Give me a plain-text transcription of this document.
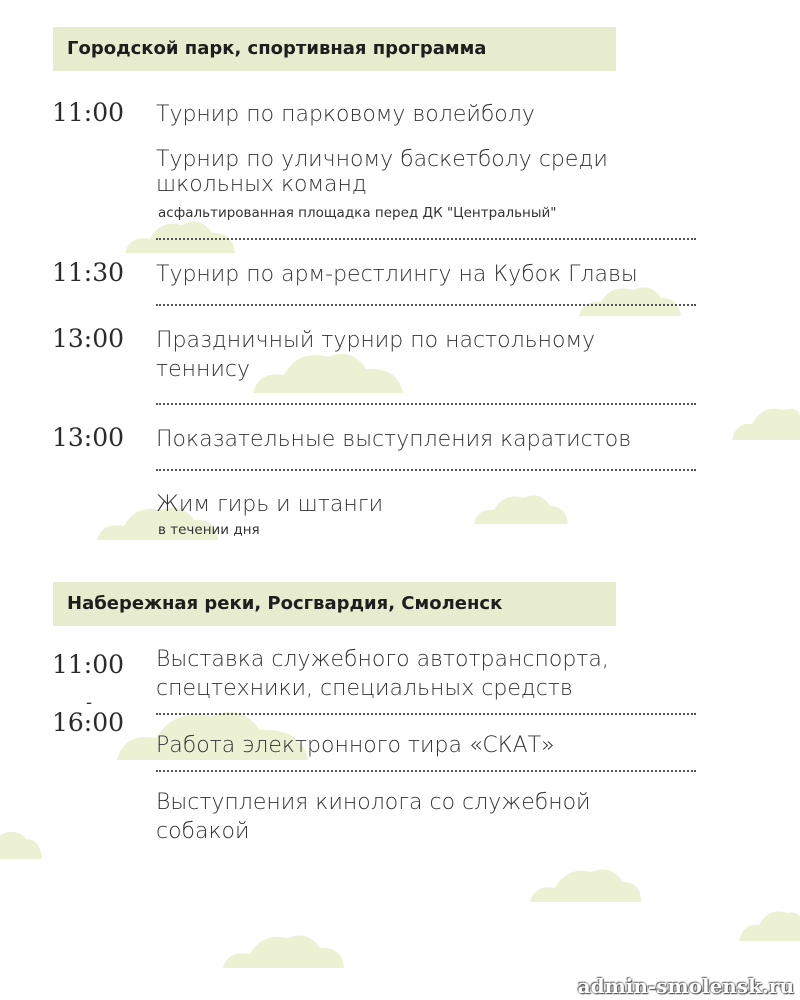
Городской парк, спортивная программа
11:00 Турнир по парковому волейболу
Турнир по уличному баскетболу среди
школьных команд
асфальтированная площадка перед ДК "Центральный"
11:30 Турнир по арм-рестлингу на Кубок Главы
13:00 Праздничный турнир по настольному
теннису
13:00 Показательные выступления каратистов
Жим гирь и штанги
в течении дня
Набережная реки, Росгвардия, Смоленск
11:00
-
16:00
Выставка служебного автотранспорта,
спецтехники, специальных средств
Работа электронного тира «СКАТ»
Выступления кинолога со служебной
собакой
admin-smolensk.ru
